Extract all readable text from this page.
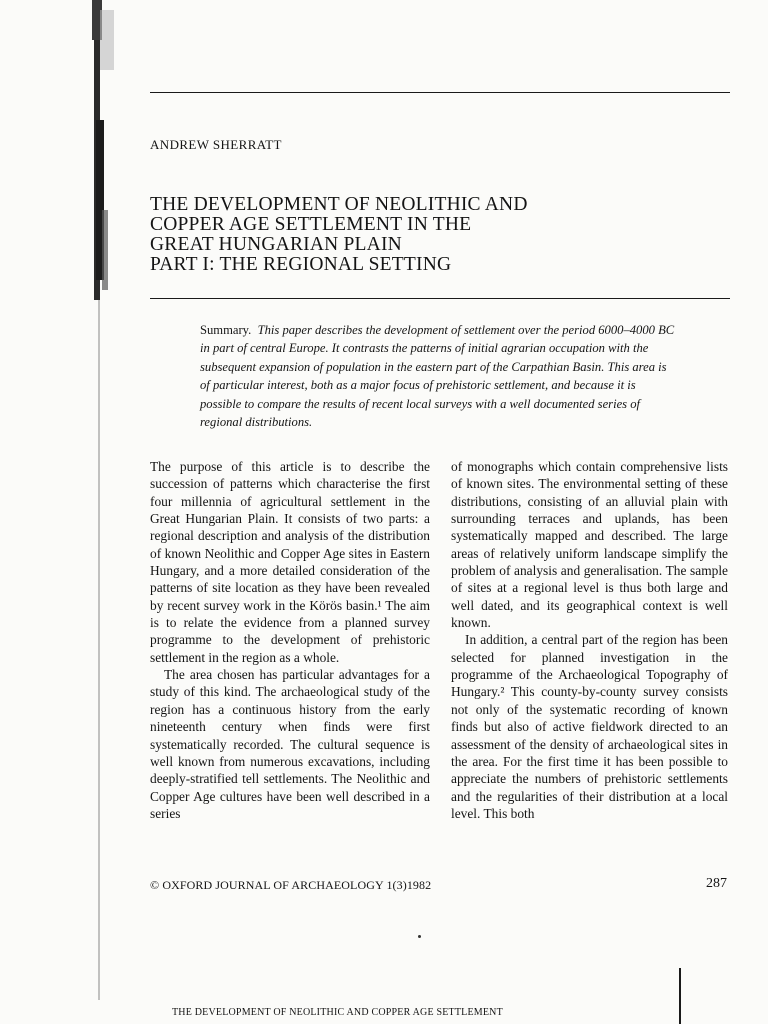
ANDREW SHERRATT
THE DEVELOPMENT OF NEOLITHIC AND
COPPER AGE SETTLEMENT IN THE
GREAT HUNGARIAN PLAIN
PART I: THE REGIONAL SETTING
Summary. This paper describes the development of settlement over the period 6000–4000 BC in part of central Europe. It contrasts the patterns of initial agrarian occupation with the subsequent expansion of population in the eastern part of the Carpathian Basin. This area is of particular interest, both as a major focus of prehistoric settlement, and because it is possible to compare the results of recent local surveys with a well documented series of regional distributions.

The purpose of this article is to describe the succession of patterns which characterise the first four millennia of agricultural settlement in the Great Hungarian Plain. It consists of two parts: a regional description and analysis of the distribution of known Neolithic and Copper Age sites in Eastern Hungary, and a more detailed consideration of the patterns of site location as they have been revealed by recent survey work in the Körös basin.¹ The aim is to relate the evidence from a planned survey programme to the development of prehistoric settlement in the region as a whole.

The area chosen has particular advantages for a study of this kind. The archaeological study of the region has a continuous history from the early nineteenth century when finds were first systematically recorded. The cultural sequence is well known from numerous excavations, including deeply-stratified tell settlements. The Neolithic and Copper Age cultures have been well described in a series

of monographs which contain comprehensive lists of known sites. The environmental setting of these distributions, consisting of an alluvial plain with surrounding terraces and uplands, has been systematically mapped and described. The large areas of relatively uniform landscape simplify the problem of analysis and generalisation. The sample of sites at a regional level is thus both large and well dated, and its geographical context is well known.

In addition, a central part of the region has been selected for planned investigation in the programme of the Archaeological Topography of Hungary.² This county-by-county survey consists not only of the systematic recording of known finds but also of active fieldwork directed to an assessment of the density of archaeological sites in the area. For the first time it has been possible to appreciate the numbers of prehistoric settlements and the regularities of their distribution at a local level. This both

© OXFORD JOURNAL OF ARCHAEOLOGY 1(3)1982	287
THE DEVELOPMENT OF NEOLITHIC AND COPPER AGE SETTLEMENT
